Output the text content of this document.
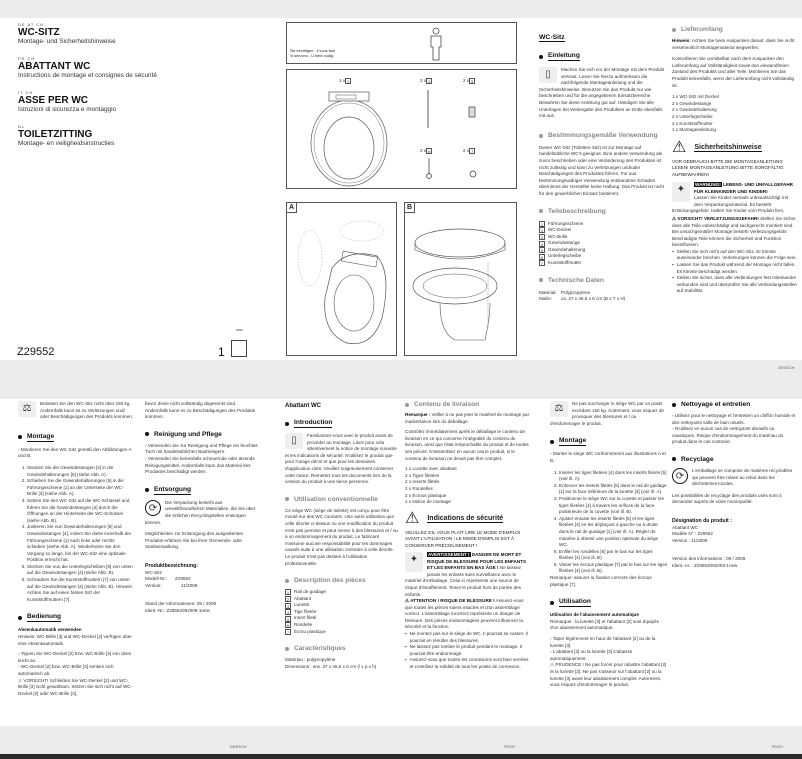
DE AT CH
WC-SITZ
Montage- und Sicherheitshinweise
FR CH
ABATTANT WC
Instructions de montage et consignes de sécurité
IT CH
ASSE PER WC
Istruzioni di sicurezza e montaggio
NL
TOILETZITTING
Montage- en veiligheidsinstructies
Z29552
new
1
Sie benötigen - Il vous faut
Vi servono - U hebt nodig:
1 x 1	2 x 4	2 x 5
2 x 6	2 x 7
A	B
WC-Sitz
Einleitung
▯	Machen Sie sich vor der Montage mit dem Produkt vertraut. Lesen Sie hierzu aufmerksam die nachfolgende Montageanleitung und die Sicherheitshinweise. Benutzen Sie das Produkt nur wie beschrieben und für die angegebenen Einsatzbereiche. Bewahren Sie diese Anleitung gut auf. Händigen Sie alle Unterlagen bei Weitergabe des Produktes an Dritte ebenfalls mit aus.
Bestimmungsgemäße Verwendung
Dieser WC-Sitz (Toiletten-Sitz) ist zur Montage auf handelsübliche WC's geeignet. Eine andere Verwendung als zuvor beschrieben oder eine Veränderung des Produktes ist nicht zulässig und kann zu Verletzungen und/oder Beschädigungen des Produktes führen. Für aus bestimmungswidriger Verwendung entstandene Schäden übernimmt der Hersteller keine Haftung. Das Produkt ist nicht für den gewerblichen Einsatz bestimmt.
Teilebeschreibung
1	Führungsschiene
2	WC-Deckel
3	WC-Brille
4	Gewindestange
5	Gewindehalterung
6	Unterlegscheibe
7	Kunststoffmutter
Technische Daten
Material: Polypropylene
Maße: ca. 37 x 45,5 x 6 cm (B x T x H)
Lieferumfang
Hinweis: Achten Sie beim Auspacken darauf, dass Sie nicht versehentlich Montagematerial wegwerfen.
Kontrollieren Sie unmittelbar nach dem Auspacken den Lieferumfang auf Vollständigkeit sowie den einwandfreien Zustand des Produkts und aller Teile. Montieren Sie das Produkt keinesfalls, wenn der Lieferumfang nicht vollständig ist.
1 x WC-Sitz mit Deckel
2 x Gewindestange
2 x Gewindehalterung
2 x Unterlegscheibe
2 x Kunststoffmutter
1 x Montageanleitung
⚠ Sicherheitshinweise
VOR GEBRAUCH BITTE DIE MONTAGEANLEITUNG LESEN! MONTAGEANLEITUNG BITTE SORGFÄLTIG AUFBEWAHREN!
✦	WARNUNG! LEBENS- UND UNFALLGEFAHR FÜR KLEINKINDER UND KINDER!
Lassen Sie Kinder niemals unbeaufsichtigt mit dem Verpackungsmaterial. Es besteht Erstickungsgefahr. Halten Sie Kinder vom Produkt fern.
⚠ VORSICHT! VERLETZUNGSGEFAHR! Stellen Sie sicher, dass alle Teile unbeschädigt und sachgerecht montiert sind. Bei unsachgemäßer Montage besteht Verletzungsgefahr. Beschädigte Teile können die Sicherheit und Funktion beeinflussen.
▪ Stellen Sie sich nicht auf den WC-Sitz. Er könnte auseinander brechen. Verletzungen können die Folge sein.
▪ Lassen Sie das Produkt während der Montage nicht fallen. Es könnte beschädigt werden.
▪ Stellen Sie sicher, dass alle Verbindungen fest miteinander verbunden sind und überprüfen Sie alle Verbindungsstellen auf Stabilität.
DE/AT/CH
⚖	Belasten Sie den WC-Sitz nicht über 150 kg. Andernfalls kann es zu Verletzungen und/ oder Beschädigungen des Produkts kommen.
Montage
▫ Montieren Sie den WC-Sitz gemäß den Abbildungen A und B.
1. Stecken Sie die Gewindestangen [4] in die Gewindehalterungen [5] (siehe Abb. A).
2. Schieben Sie die Gewindehalterungen [5] in die Führungsschiene [1] an der Unterseite der WC-Brille [3] (siehe Abb. A).
3. Setzen Sie den WC-Sitz auf die WC-Schüssel und führen Sie die Gewindestangen [4] durch die Öffnungen an der Hinterseite der WC-Schüssel (siehe Abb. B).
4. Justieren Sie nun Gewindehalterungen [5] und Gewindestangen [4], indem Sie diese innerhalb der Führungsschiene [1] nach links oder rechts schieben (siehe Abb. A). Wiederholen Sie den Vorgang so lange, bis der WC-Sitz eine optimale Position erreicht hat.
5. Stecken Sie nun die Unterlegscheiben [6] von unten auf die Gewindestangen [4] (siehe Abb. B).
6. Schrauben Sie die Kunststoffmuttern [7] von unten auf die Gewindestangen [4] (siehe Abb. B). Hinweis: Achten Sie auf einen festen Sitz der Kunststoffmuttern [7].
Bedienung
Absenkautomatik verwenden
Hinweis: WC-Brille [3] und WC-Deckel [2] verfügen über eine Absenkautomatik.
▫ Tippen Sie WC-Deckel [2] bzw. WC-Brille [3] von oben leicht an.
▫ WC-Deckel [2] bzw. WC-Brille [3] senken sich automatisch ab.
⚠ VORSICHT! Schließen Sie WC-Deckel [2] und WC-Brille [3] nicht gewaltsam. Setzen Sie sich nicht auf WC-Deckel [2] oder WC-Brille [3],
bevor diese nicht vollständig abgesenkt sind. Andernfalls kann es zu Beschädigungen des Produkts kommen.
Reinigung und Pflege
▫ Verwenden Sie zur Reinigung und Pflege ein feuchtes Tuch mit handelsüblichen Badreinigern.
▫ Verwenden Sie keinesfalls scheuernde oder ätzende Reinigungsmittel. Andernfalls kann das Material des Produktes beschädigt werden.
Entsorgung
⟳
Die Verpackung besteht aus umweltfreundlichen Materialien, die Sie über die örtlichen Recyclingstellen entsorgen können.
Möglichkeiten zur Entsorgung des ausgedienten Produkts erfahren Sie bei Ihrer Gemeinde- oder Stadtverwaltung.
Produktbezeichnung:
WC-Sitz
Modell-Nr.: Z29552
Version:	11/2009
Stand der Informationen: 09 / 2009
Ident.-Nr.: Z29552092009-1new
Abattant WC
Introduction
▯	Familiarisez-vous avec le produit avant de procéder au montage. Lisez pour cela attentivement la notice de montage suivante et les indications de sécurité. N'utilisez le produit que pour l'usage décrit et que pour les domaines d'application cités. Veuillez soigneusement conserver cette notice. Remettez tous les documents lors de la cession du produit à une tierce personne.
Utilisation conventionnelle
Ce siège WC (siège de toilette) est conçu pour être monté sur des WC courants. Une autre utilisation que celle décrite ci-dessus ou une modification du produit n'est pas permise et peut mener à des blessures et / ou à un endommagement du produit. Le fabricant n'assume aucune responsabilité pour les dommages causés suite à une utilisation contraire à celle décrite. Le produit n'est pas destiné à l'utilisation professionnelle.
Description des pièces
1	Rail de guidage
2	Abattant
3	Lunette
4	Tige filetée
5	Insert fileté
6	Rondelle
7	Écrou plastique
Caractéristiques
Matériau : polypropylène
Dimensions : env. 37 x 45,5 x 6 cm (l x p x h)
Contenu de livraison
Remarque : Veiller à ne pas jeter le matériel de montage par inadvertance lors du déballage.
Contrôlez immédiatement après le déballage le contenu de livraison en ce qui concerne l'intégralité du contenu de livraison, ainsi que l'état irréprochable du produit et de toutes ses pièces. N'assemblez en aucun cas le produit, si le contenu de livraison ne devait pas être complet.
1 x Lunette avec abattant
2 x Tiges filetées
2 x Inserts filetés
2 x Rondelles
2 x Écrous plastique
1 x Notice de montage
⚠ Indications de sécurité
VEUILLEZ S'IL VOUS PLAÎT LIRE LE MODE D'EMPLOI AVANT L'UTILISATION ! LE MODE D'EMPLOI EST À CONSERVER PRÉCIEUSEMENT !
✦	AVERTISSEMENT ! DANGER DE MORT ET RISQUE DE BLESSURE POUR LES ENFANTS ET LES ENFANTS EN BAS ÂGE ! Ne laissez jamais les enfants sans surveillance avec le matériel d'emballage. Celui-ci représente une source de risque d'étouffement. Tenez le produit hors de portée des enfants.
⚠ ATTENTION ! RISQUE DE BLESSURE ! Assurez-vous que toutes les pièces soient intactes et d'un assemblage correct. L'assemblage incorrect représente un danger de blessure. Des pièces endommagées peuvent influencer la sécurité et la fonction.
▪ Ne montez pas sur le siège de WC. Il pourrait se casser. Il pourrait en résulter des blessures.
▪ Ne laissez pas tomber le produit pendant le montage. Il pourrait être endommagé.
▪ Assurez-vous que toutes les connexions sont bien serrées et contrôlez la solidité de tous les points de connexion.
⚖	Ne pas surcharger le siège WC par un poids excédant 150 kg. Autrement, vous risquez de provoquer des blessures et / ou d'endommager le produit.
Montage
▫ Monter le siège WC conformément aux illustrations A et B.
1. Insérer les tiges filetées [4] dans les inserts filetés [5] (voir ill. A).
2. Enfoncer les inserts filetés [5] dans le rail de guidage [1] sur la face inférieure de la lunette [3] (voir ill. A).
3. Positionner le siège WC sur la cuvette et passer les tiges filetées [4] à travers les orifices de la face postérieure de la cuvette (voir ill. B).
4. Ajuster ensuite les inserts filetés [5] et les tiges filetées [4] en les déplaçant à gauche ou à droite dans le rail de guidage [1] (voir ill. A). Régler de manière à obtenir une position optimale du siège WC.
5. Enfiler les rondelles [6] par le bas sur les tiges filetées [4] (voir ill. B).
6. Visser les écrous plastique [7] par le bas sur les tiges filetées [4] (voir ill. B).
Remarque: assurer la fixation correcte des écrous plastique [7].
Utilisation
Utilisation de l'abaissement automatique
Remarque : la lunette [3] et l'abattant [2] sont équipés d'un abaissement automatique.
▫ Taper légèrement en haut de l'abattant [2] ou de la lunette [3].
▫ L'abattant [2] ou la lunette [3] s'abaisse automatiquement.
⚠ PRUDENCE ! Ne pas forcer pour rabattre l'abattant [2] et la lunette [3]. Ne pas s'asseoir sur l'abattant [2] ou la lunette [3] avant leur abaissement complet. Autrement, vous risquez d'endommager le produit.
Nettoyage et entretien
▫ Utilisez pour le nettoyage et l'entretien un chiffon humide et des nettoyants salle de bain usuels.
▫ N'utilisez en aucun cas de nettoyants abrasifs ou caustiques. Risque d'endommagement du matériau du produit dans le cas contraire.
Recyclage
⟳
L'emballage se compose de matières recyclables qui peuvent être mises au rebut dans les déchetteries locales.
Les possibilités de recyclage des produits usés sont à demander auprès de votre municipalité.
Désignation du produit :
Abattant WC
Modèle N° : Z29552
Version : 11/2009
Version des informations : 09 / 2009
Ident.-nr. : Z29552092009-1new
DE/AT/CH	FR/CH	FR/CH
